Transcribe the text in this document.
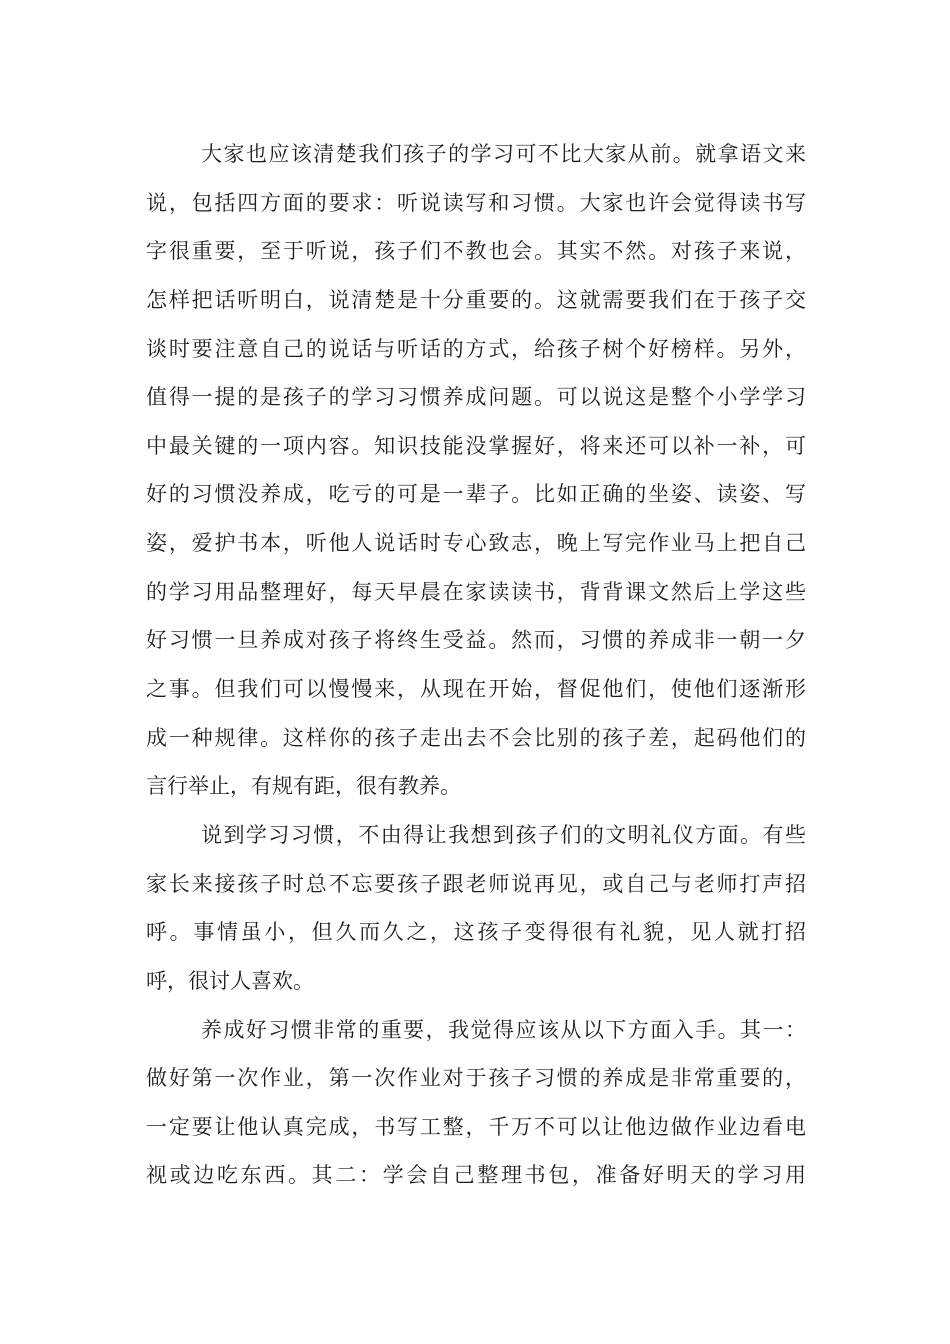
大家也应该清楚我们孩子的学习可不比大家从前。就拿语文来
说，包括四方面的要求：听说读写和习惯。大家也许会觉得读书写
字很重要，至于听说，孩子们不教也会。其实不然。对孩子来说，
怎样把话听明白，说清楚是十分重要的。这就需要我们在于孩子交
谈时要注意自己的说话与听话的方式，给孩子树个好榜样。另外，
值得一提的是孩子的学习习惯养成问题。可以说这是整个小学学习
中最关键的一项内容。知识技能没掌握好，将来还可以补一补，可
好的习惯没养成，吃亏的可是一辈子。比如正确的坐姿、读姿、写
姿，爱护书本，听他人说话时专心致志，晚上写完作业马上把自己
的学习用品整理好，每天早晨在家读读书，背背课文然后上学这些
好习惯一旦养成对孩子将终生受益。然而，习惯的养成非一朝一夕
之事。但我们可以慢慢来，从现在开始，督促他们，使他们逐渐形
成一种规律。这样你的孩子走出去不会比别的孩子差，起码他们的
言行举止，有规有距，很有教养。
说到学习习惯，不由得让我想到孩子们的文明礼仪方面。有些
家长来接孩子时总不忘要孩子跟老师说再见，或自己与老师打声招
呼。事情虽小，但久而久之，这孩子变得很有礼貌，见人就打招
呼，很讨人喜欢。
养成好习惯非常的重要，我觉得应该从以下方面入手。其一：
做好第一次作业，第一次作业对于孩子习惯的养成是非常重要的，
一定要让他认真完成，书写工整，千万不可以让他边做作业边看电
视或边吃东西。其二：学会自己整理书包，准备好明天的学习用
